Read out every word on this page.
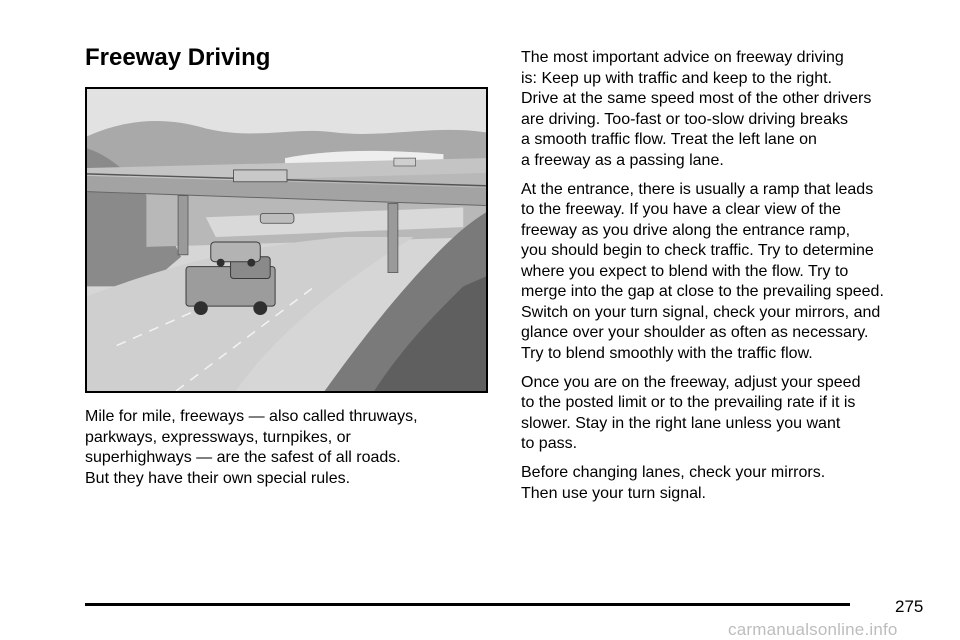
Freeway Driving
Mile for mile, freeways — also called thruways,
parkways, expressways, turnpikes, or
superhighways — are the safest of all roads.
But they have their own special rules.
The most important advice on freeway driving
is: Keep up with traffic and keep to the right.
Drive at the same speed most of the other drivers
are driving. Too-fast or too-slow driving breaks
a smooth traffic flow. Treat the left lane on
a freeway as a passing lane.
At the entrance, there is usually a ramp that leads
to the freeway. If you have a clear view of the
freeway as you drive along the entrance ramp,
you should begin to check traffic. Try to determine
where you expect to blend with the flow. Try to
merge into the gap at close to the prevailing speed.
Switch on your turn signal, check your mirrors, and
glance over your shoulder as often as necessary.
Try to blend smoothly with the traffic flow.
Once you are on the freeway, adjust your speed
to the posted limit or to the prevailing rate if it is
slower. Stay in the right lane unless you want
to pass.
Before changing lanes, check your mirrors.
Then use your turn signal.
275
carmanualsonline.info
